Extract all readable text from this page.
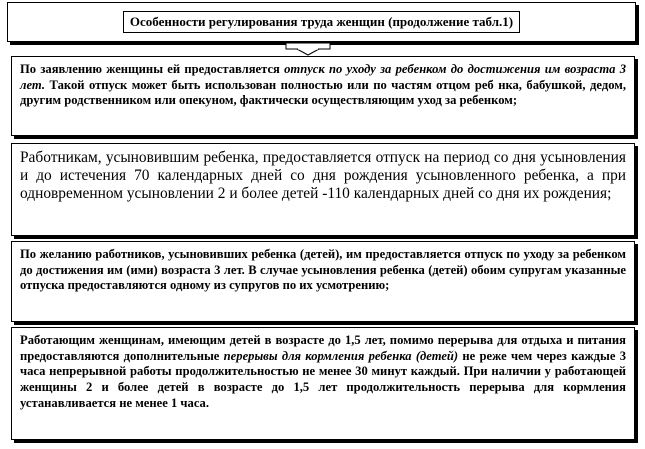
Особенности регулирования труда женщин (продолжение табл.1)
По заявлению женщины ей предоставляется отпуск по уходу за ребенком до достижения им возраста 3 лет. Такой отпуск может быть использован полностью или по частям отцом реб нка, бабушкой, дедом, другим родственником или опекуном, фактически осуществляющим уход за ребенком;
Работникам, усыновившим ребенка, предоставляется отпуск на период со дня усыновления и до истечения 70 календарных дней со дня рождения усыновленного ребенка, а при одновременном усыновлении 2 и более детей -110 календарных дней со дня их рождения;
По желанию работников, усыновивших ребенка (детей), им предоставляется отпуск по уходу за ребенком до достижения им (ими) возраста 3 лет. В случае усыновления ребенка (детей) обоим супругам указанные отпуска предоставляются одному из супругов по их усмотрению;
Работающим женщинам, имеющим детей в возрасте до 1,5 лет, помимо перерыва для отдыха и питания предоставляются дополнительные перерывы для кормления ребенка (детей) не реже чем через каждые 3 часа непрерывной работы продолжительностью не менее 30 минут каждый. При наличии у работающей женщины 2 и более детей в возрасте до 1,5 лет продолжительность перерыва для кормления устанавливается не менее 1 часа.
